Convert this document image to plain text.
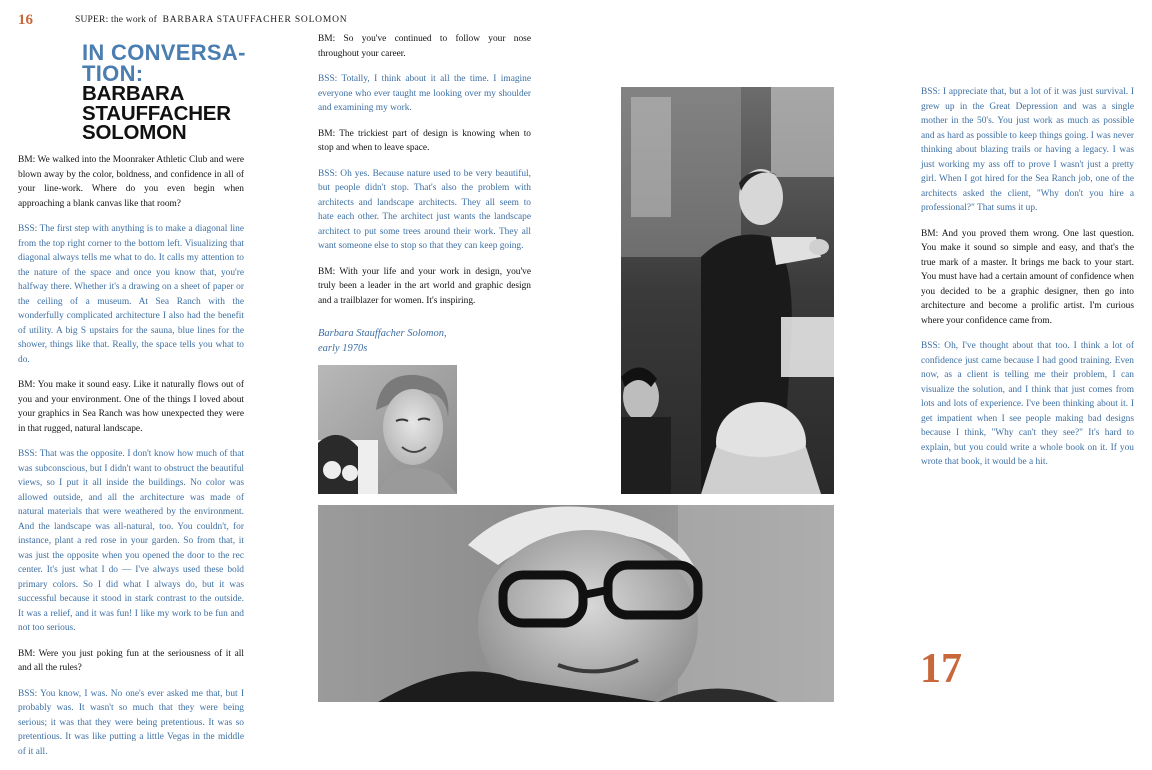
16	SUPER: the work of BARBARA STAUFFACHER SOLOMON
17
IN CONVERSA-
TION:
BARBARA
STAUFFACHER
SOLOMON

BM: We walked into the Moonraker Athletic Club and were blown away by the color, boldness, and confidence in all of your line-work. Where do you even begin when approaching a blank canvas like that room?

BSS: The first step with anything is to make a diagonal line from the top right corner to the bottom left. Visualizing that diagonal always tells me what to do. It calls my attention to the nature of the space and once you know that, you're halfway there. Whether it's a drawing on a sheet of paper or the ceiling of a museum. At Sea Ranch with the wonderfully complicated architecture I also had the benefit of utility. A big S upstairs for the sauna, blue lines for the shower, things like that. Really, the space tells you what to do.

BM: You make it sound easy. Like it naturally flows out of you and your environment. One of the things I loved about your graphics in Sea Ranch was how unexpected they were in that rugged, natural landscape.

BSS: That was the opposite. I don't know how much of that was subconscious, but I didn't want to obstruct the beautiful views, so I put it all inside the buildings. No color was allowed outside, and all the architecture was made of natural materials that were weathered by the environment. And the landscape was all-natural, too. You couldn't, for instance, plant a red rose in your garden. So from that, it was just the opposite when you opened the door to the rec center. It's just what I do — I've always used these bold primary colors. So I did what I always do, but it was successful because it stood in stark contrast to the outside. It was a relief, and it was fun! I like my work to be fun and not too serious.

BM: Were you just poking fun at the seriousness of it all and all the rules?

BSS: You know, I was. No one's ever asked me that, but I probably was. It wasn't so much that they were being serious; it was that they were being pretentious. It was so pretentious. It was like putting a little Vegas in the middle of it all.

BM: So you've continued to follow your nose throughout your career.

BSS: Totally, I think about it all the time. I imagine everyone who ever taught me looking over my shoulder and examining my work.

BM: The trickiest part of design is knowing when to stop and when to leave space.

BSS: Oh yes. Because nature used to be very beautiful, but people didn't stop. That's also the problem with architects and landscape architects. They all seem to hate each other. The architect just wants the landscape architect to put some trees around their work. They all want someone else to stop so that they can keep going.

BM: With your life and your work in design, you've truly been a leader in the art world and graphic design and a trailblazer for women. It's inspiring.

Barbara Stauffacher Solomon, early 1970s

BSS: I appreciate that, but a lot of it was just survival. I grew up in the Great Depression and was a single mother in the 50's. You just work as much as possible and as hard as possible to keep things going. I was never thinking about blazing trails or having a legacy. I was just working my ass off to prove I wasn't just a pretty girl. When I got hired for the Sea Ranch job, one of the architects asked the client, "Why don't you hire a professional?" That sums it up.

BM: And you proved them wrong. One last question. You make it sound so simple and easy, and that's the true mark of a master. It brings me back to your start. You must have had a certain amount of confidence when you decided to be a graphic designer, then go into architecture and become a prolific artist. I'm curious where your confidence came from.

BSS: Oh, I've thought about that too. I think a lot of confidence just came because I had good training. Even now, as a client is telling me their problem, I can visualize the solution, and I think that just comes from lots and lots of experience. I've been thinking about it. I get impatient when I see people making bad designs because I think, "Why can't they see?" It's hard to explain, but you could write a whole book on it. If you wrote that book, it would be a hit.
